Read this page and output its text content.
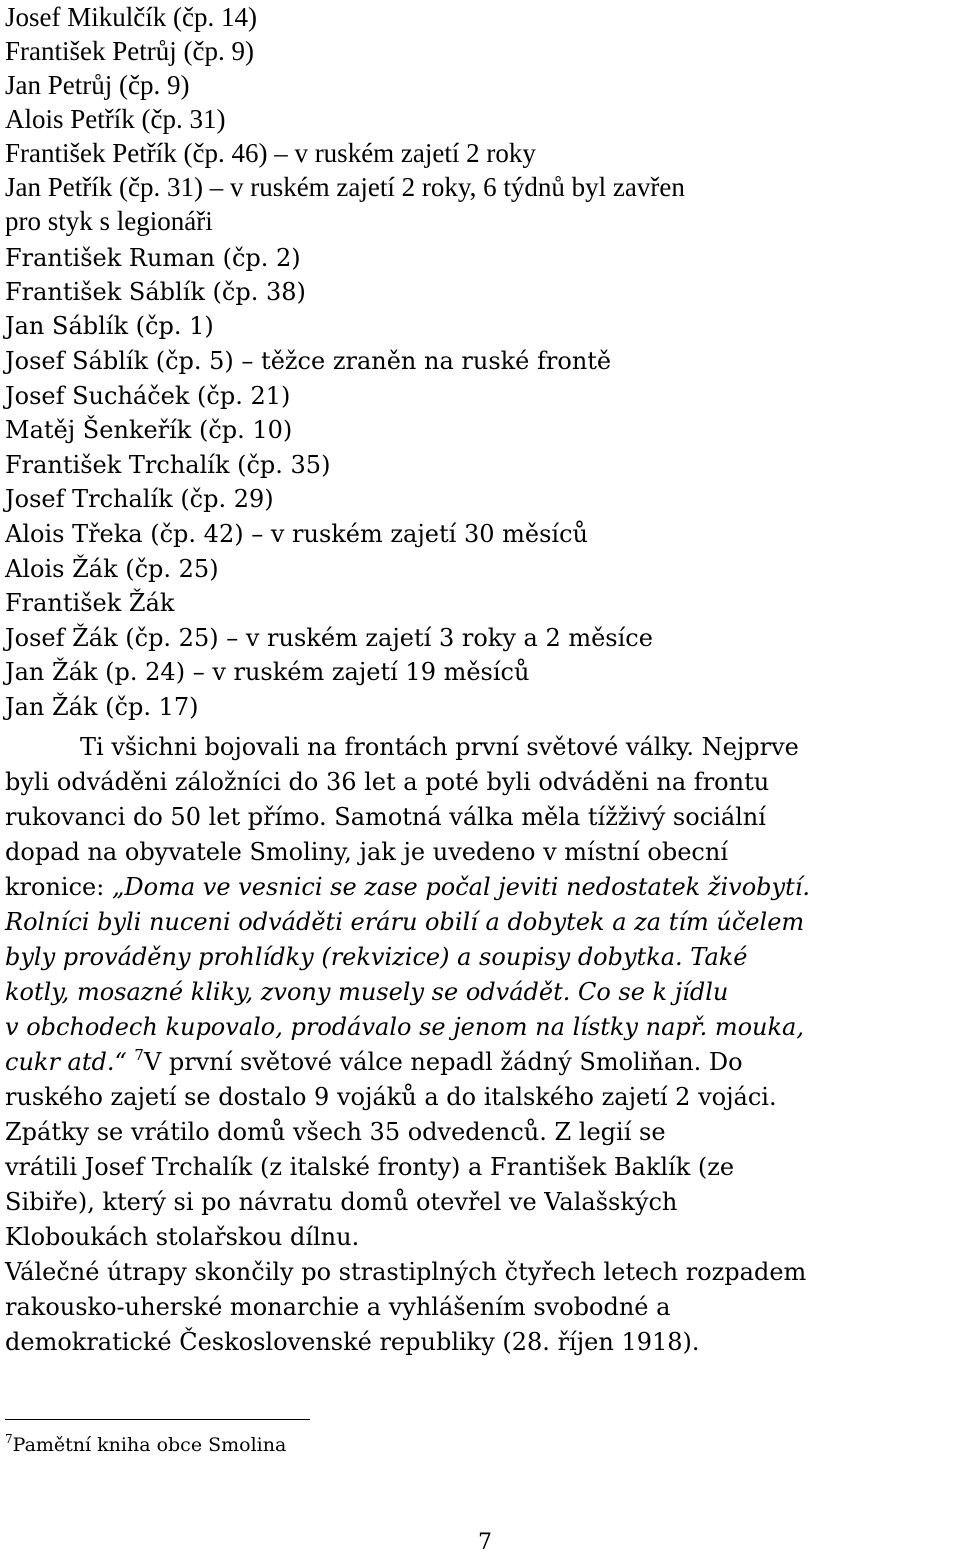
Josef Mikulčík (čp. 14)
František Petrůj (čp. 9)
Jan Petrůj (čp. 9)
Alois Petřík (čp. 31)
František Petřík (čp. 46) – v ruském zajetí 2 roky
Jan Petřík (čp. 31) – v ruském zajetí 2 roky, 6 týdnů byl zavřen
pro styk s legionáři
František Ruman (čp. 2)
František Sáblík (čp. 38)
Jan Sáblík (čp. 1)
Josef Sáblík (čp. 5) – těžce zraněn na ruské frontě
Josef Sucháček (čp. 21)
Matěj Šenkeřík (čp. 10)
František Trchalík (čp. 35)
Josef Trchalík (čp. 29)
Alois Třeka (čp. 42) – v ruském zajetí 30 měsíců
Alois Žák (čp. 25)
František Žák
Josef Žák (čp. 25) – v ruském zajetí 3 roky a 2 měsíce
Jan Žák (p. 24) – v ruském zajetí 19 měsíců
Jan Žák (čp. 17)
Ti všichni bojovali na frontách první světové války. Nejprve
byli odváděni záložníci do 36 let a poté byli odváděni na frontu
rukovanci do 50 let přímo. Samotná válka měla tížživý sociální
dopad na obyvatele Smoliny, jak je uvedeno v místní obecní
kronice: „Doma ve vesnici se zase počal jeviti nedostatek živobytí.
Rolníci byli nuceni odváděti eráru obilí a dobytek a za tím účelem
byly prováděny prohlídky (rekvizice) a soupisy dobytka. Také
kotly, mosazné kliky, zvony musely se odvádět. Co se k jídlu
v obchodech kupovalo, prodávalo se jenom na lístky např. mouka,
cukr atd.“ $^7$V první světové válce nepadl žádný Smoliňan. Do
ruského zajetí se dostalo 9 vojáků a do italského zajetí 2 vojáci.
Zpátky se vrátilo domů všech 35 odvedenců. Z legií se
vrátili Josef Trchalík (z italské fronty) a František Baklík (ze
Sibiře), který si po návratu domů otevřel ve Valašských
Kloboukách stolařskou dílnu.
Válečné útrapy skončily po strastiplných čtyřech letech rozpadem
rakousko-uherské monarchie a vyhlášením svobodné a
demokratické Československé republiky (28. říjen 1918).
$^7$Pamětní kniha obce Smolina
7
